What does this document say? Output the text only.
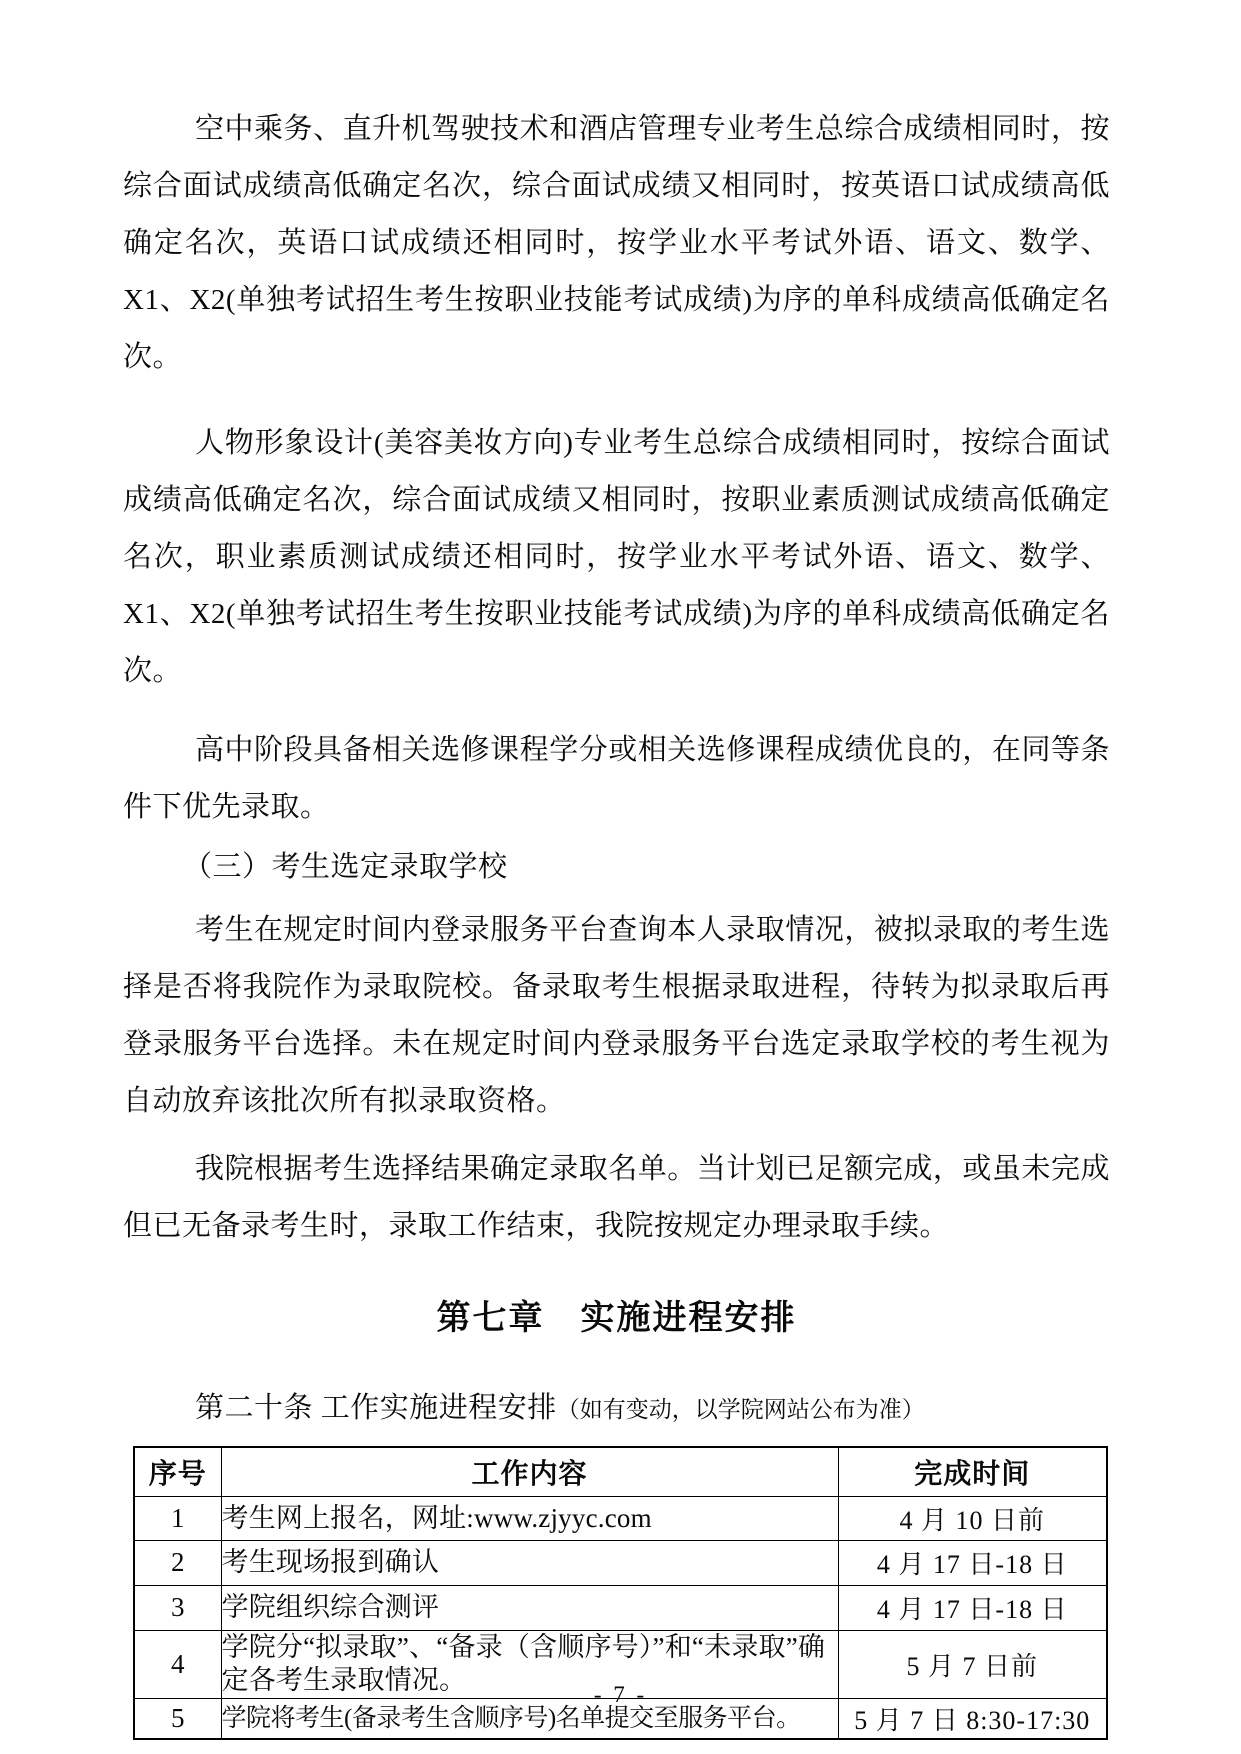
空中乘务、直升机驾驶技术和酒店管理专业考生总综合成绩相同时，按综合面试成绩高低确定名次，综合面试成绩又相同时，按英语口试成绩高低确定名次，英语口试成绩还相同时，按学业水平考试外语、语文、数学、X1、X2(单独考试招生考生按职业技能考试成绩)为序的单科成绩高低确定名次。

人物形象设计(美容美妆方向)专业考生总综合成绩相同时，按综合面试成绩高低确定名次，综合面试成绩又相同时，按职业素质测试成绩高低确定名次，职业素质测试成绩还相同时，按学业水平考试外语、语文、数学、X1、X2(单独考试招生考生按职业技能考试成绩)为序的单科成绩高低确定名次。

高中阶段具备相关选修课程学分或相关选修课程成绩优良的，在同等条件下优先录取。

（三）考生选定录取学校

考生在规定时间内登录服务平台查询本人录取情况，被拟录取的考生选择是否将我院作为录取院校。备录取考生根据录取进程，待转为拟录取后再登录服务平台选择。未在规定时间内登录服务平台选定录取学校的考生视为自动放弃该批次所有拟录取资格。

我院根据考生选择结果确定录取名单。当计划已足额完成，或虽未完成但已无备录考生时，录取工作结束，我院按规定办理录取手续。

第七章　实施进程安排

第二十条 工作实施进程安排（如有变动，以学院网站公布为准）

序号	工作内容	完成时间
1	考生网上报名，网址:www.zjyyc.com	4 月 10 日前
2	考生现场报到确认	4 月 17 日-18 日
3	学院组织综合测评	4 月 17 日-18 日
4	学院分“拟录取”、“备录（含顺序号）”和“未录取”确定各考生录取情况。	5 月 7 日前
5	学院将考生(备录考生含顺序号)名单提交至服务平台。	5 月 7 日 8:30-17:30
- 7 -
